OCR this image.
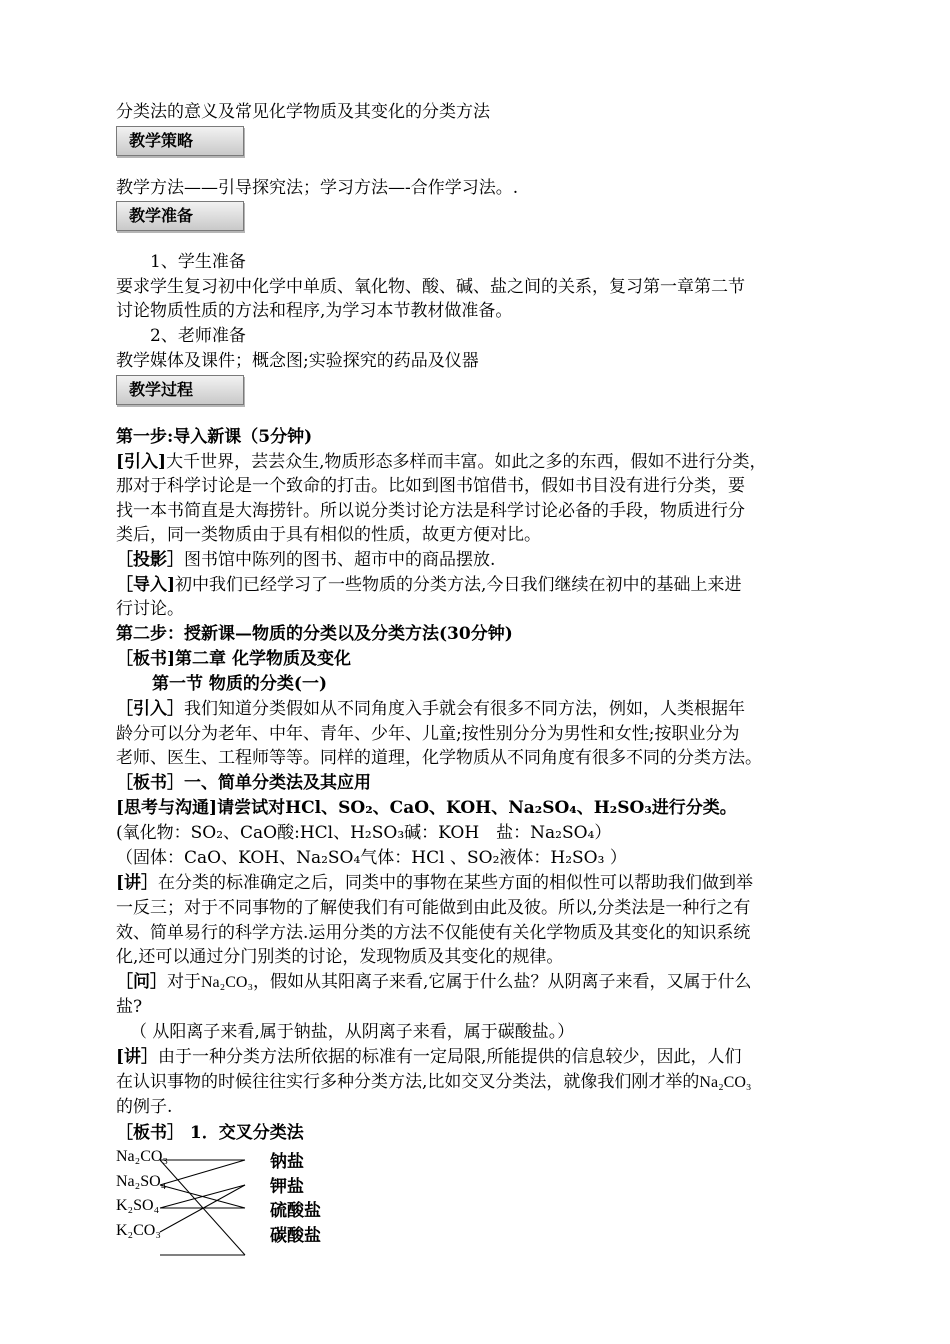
分类法的意义及常见化学物质及其变化的分类方法
教学策略
教学方法——引导探究法；学习方法—-合作学习法。.
教学准备
1、学生准备
要求学生复习初中化学中单质、氧化物、酸、碱、盐之间的关系，复习第一章第二节
讨论物质性质的方法和程序,为学习本节教材做准备。
2、老师准备
教学媒体及课件；概念图;实验探究的药品及仪器
教学过程
第一步:导入新课（5分钟)
[引入]大千世界，芸芸众生,物质形态多样而丰富。如此之多的东西，假如不进行分类，
那对于科学讨论是一个致命的打击。比如到图书馆借书，假如书目没有进行分类，要
找一本书简直是大海捞针。所以说分类讨论方法是科学讨论必备的手段，物质进行分
类后，同一类物质由于具有相似的性质，故更方便对比。
［投影］图书馆中陈列的图书、超市中的商品摆放.
［导入]初中我们已经学习了一些物质的分类方法,今日我们继续在初中的基础上来进
行讨论。
第二步：授新课—物质的分类以及分类方法(30分钟)
［板书]第二章 化学物质及变化
第一节 物质的分类(一)
［引入］我们知道分类假如从不同角度入手就会有很多不同方法，例如，人类根据年
龄分可以分为老年、中年、青年、少年、儿童;按性别分分为男性和女性;按职业分为
老师、医生、工程师等等。同样的道理，化学物质从不同角度有很多不同的分类方法。
［板书］一、简单分类法及其应用
[思考与沟通]请尝试对HCl、SO₂、CaO、KOH、Na₂SO₄、H₂SO₃进行分类。
(氧化物：SO₂、CaO酸:HCl、H₂SO₃碱：KOH　盐：Na₂SO₄）
（固体：CaO、KOH、Na₂SO₄气体：HCl 、SO₂液体：H₂SO₃ ）
[讲］在分类的标准确定之后，同类中的事物在某些方面的相似性可以帮助我们做到举
一反三；对于不同事物的了解使我们有可能做到由此及彼。所以,分类法是一种行之有
效、简单易行的科学方法.运用分类的方法不仅能使有关化学物质及其变化的知识系统
化,还可以通过分门别类的讨论，发现物质及其变化的规律。
［问］对于Na₂CO₃，假如从其阳离子来看,它属于什么盐？从阴离子来看，又属于什么
盐?
（ 从阳离子来看,属于钠盐，从阴离子来看，属于碳酸盐。）
[讲］由于一种分类方法所依据的标准有一定局限,所能提供的信息较少，因此，人们
在认识事物的时候往往实行多种分类方法,比如交叉分类法，就像我们刚才举的Na₂CO₃
的例子.
［板书］ 1．交叉分类法
Na₂CO₃
Na₂SO₄
K₂SO₄
K₂CO₃
钠盐
钾盐
硫酸盐
碳酸盐
